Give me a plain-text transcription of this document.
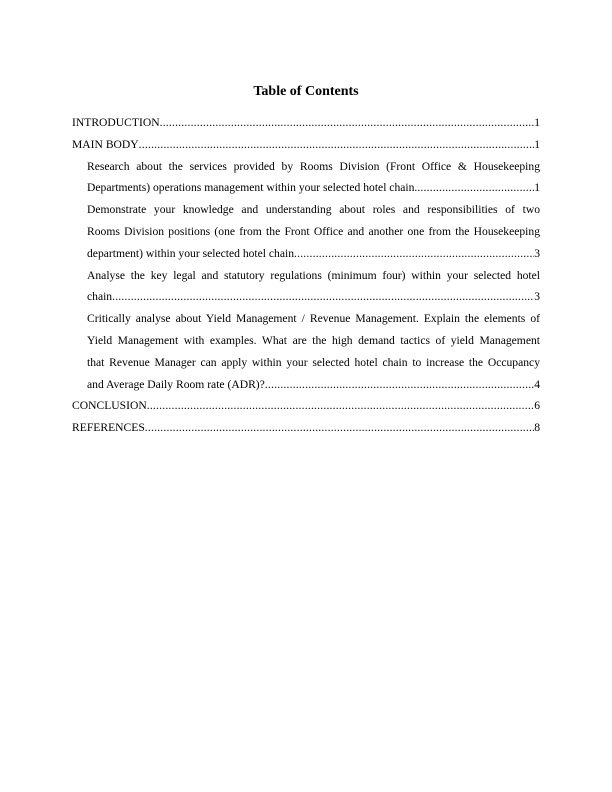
Table of Contents
INTRODUCTION .....	1
MAIN BODY .....	1
Research about the services provided by Rooms Division (Front Office & Housekeeping
Departments) operations management within your selected hotel chain. .....	1
Demonstrate your knowledge and understanding about roles and responsibilities of two
Rooms Division positions (one from the Front Office and another one from the Housekeeping
department) within your selected hotel chain .....	3
Analyse the key legal and statutory regulations (minimum four) within your selected hotel
chain .....	3
Critically analyse about Yield Management / Revenue Management. Explain the elements of
Yield Management with examples. What are the high demand tactics of yield Management
that Revenue Manager can apply within your selected hotel chain to increase the Occupancy
and Average Daily Room rate (ADR)? .....	4
CONCLUSION .....	6
REFERENCES .....	8
